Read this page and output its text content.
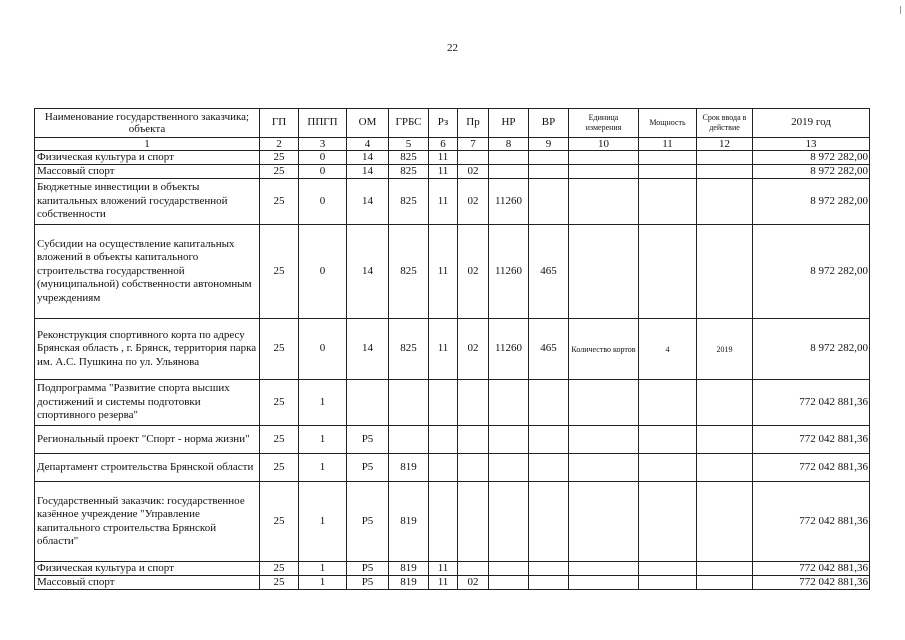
22
Наименование государственного заказчика; объекта	ГП	ППГП	ОМ	ГРБС	Рз	Пр	НР	ВР	Единица измерения	Мощность	Срок ввода в действие	2019 год
1	2	3	4	5	6	7	8	9	10	11	12	13
Физическая культура и спорт	25	0	14	825	11							8 972 282,00
Массовый спорт	25	0	14	825	11	02						8 972 282,00
Бюджетные инвестиции в объекты капитальных вложений государственной собственности	25	0	14	825	11	02	11260					8 972 282,00
Субсидии на осуществление капитальных вложений в объекты капитального строительства государственной (муниципальной) собственности автономным учреждениям	25	0	14	825	11	02	11260	465				8 972 282,00
Реконструкция спортивного корта по адресу Брянская область , г. Брянск, территория парка им. А.С. Пушкина по ул. Ульянова	25	0	14	825	11	02	11260	465	Количество кортов	4	2019	8 972 282,00
Подпрограмма "Развитие спорта высших достижений и системы подготовки спортивного резерва"	25	1										772 042 881,36
Региональный проект "Спорт - норма жизни"	25	1	P5									772 042 881,36
Департамент строительства Брянской области	25	1	P5	819								772 042 881,36
Государственный заказчик: государственное казённое учреждение "Управление капитального строительства Брянской области"	25	1	P5	819								772 042 881,36
Физическая культура и спорт	25	1	P5	819	11							772 042 881,36
Массовый спорт	25	1	P5	819	11	02						772 042 881,36
